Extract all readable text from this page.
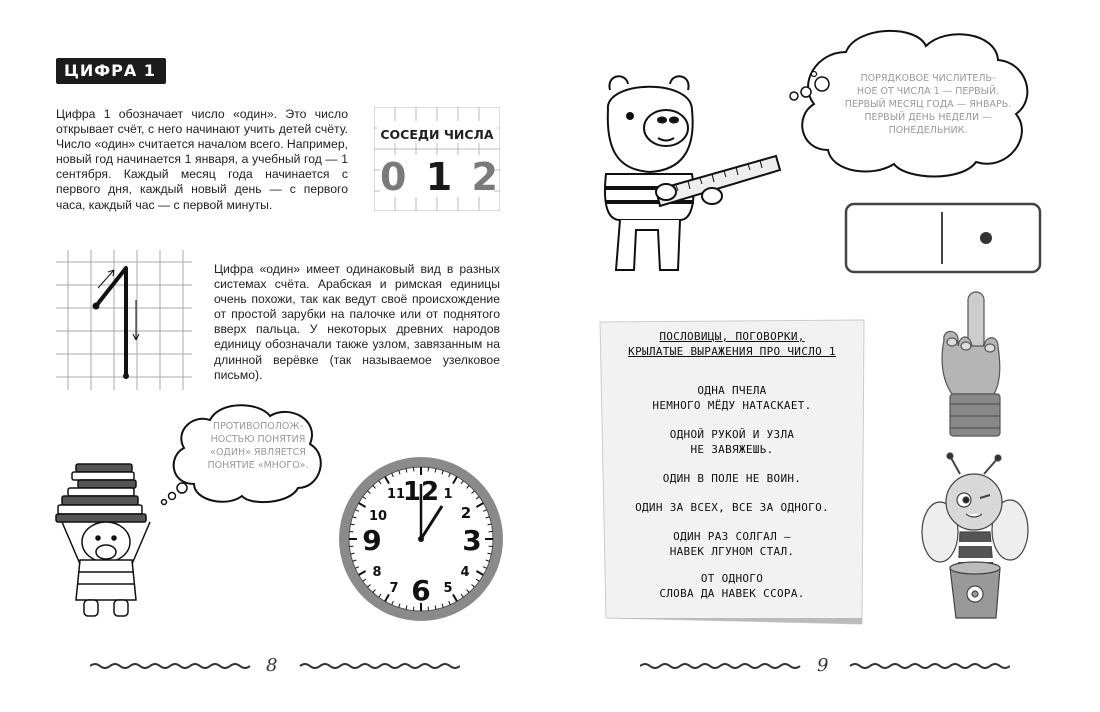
ЦИФРА 1
Цифра 1 обозначает число «один». Это число открывает счёт, с него начинают учить детей счёту. Число «один» считается началом всего. Например, новый год начинается 1 января, а учебный год — 1 сентября. Каждый месяц года начинается с первого дня, каждый новый день — с первого часа, каждый час — с первой минуты.
СОСЕДИ ЧИСЛА
0 1 2
Цифра «один» имеет одинаковый вид в разных системах счёта. Арабская и римская единицы очень похожи, так как ведут своё происхождение от простой зарубки на палочке или от поднятого вверх пальца. У некоторых древних народов единицу обозначали также узлом, завязанным на длинной верёвке (так называемое узелковое письмо).
ПРОТИВОПОЛОЖ-
НОСТЬЮ ПОНЯТИЯ
«ОДИН» ЯВЛЯЕТСЯ
ПОНЯТИЕ «МНОГО».
12 1
2
3
4
5
6
7
8
9
10
11
8
ПОРЯДКОВОЕ ЧИСЛИТЕЛЬ-
НОЕ ОТ ЧИСЛА 1 — ПЕРВЫЙ.
ПЕРВЫЙ МЕСЯЦ ГОДА — ЯНВАРЬ.
ПЕРВЫЙ ДЕНЬ НЕДЕЛИ —
ПОНЕДЕЛЬНИК.
ПОСЛОВИЦЫ, ПОГОВОРКИ,
КРЫЛАТЫЕ ВЫРАЖЕНИЯ ПРО ЧИСЛО 1
ОДНА ПЧЕЛА
НЕМНОГО МЁДУ НАТАСКАЕТ.
ОДНОЙ РУКОЙ И УЗЛА
НЕ ЗАВЯЖЕШЬ.
ОДИН В ПОЛЕ НЕ ВОИН.
ОДИН ЗА ВСЕХ, ВСЕ ЗА ОДНОГО.
ОДИН РАЗ СОЛГАЛ —
НАВЕК ЛГУНОМ СТАЛ.
ОТ ОДНОГО
СЛОВА ДА НАВЕК ССОРА.
9
